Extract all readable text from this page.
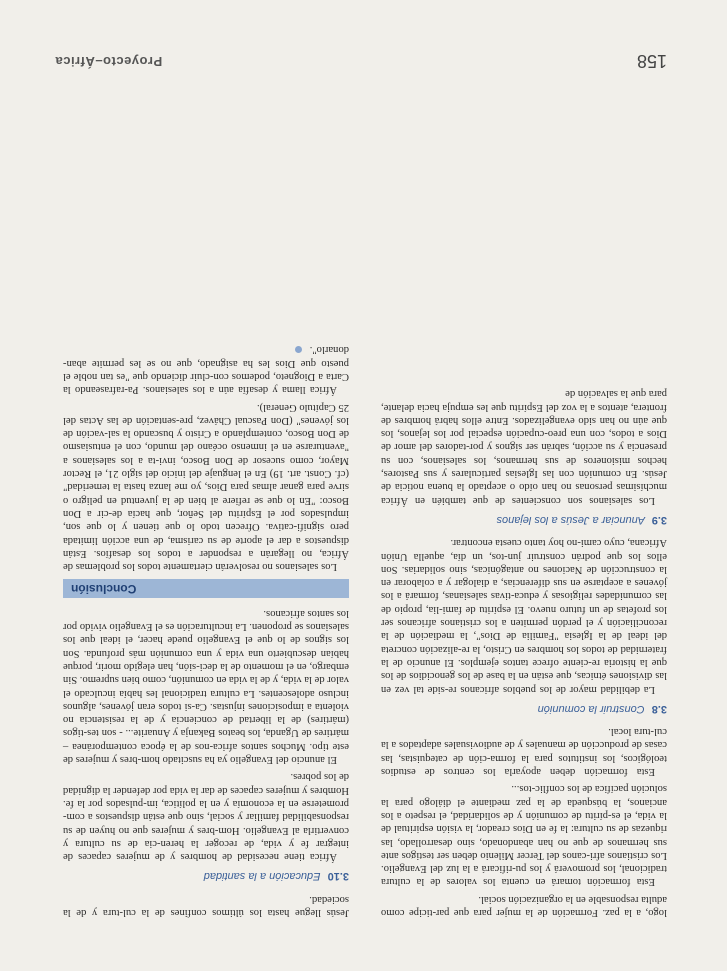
158
Proyecto–África

logo, a la paz. Formación de la mujer para que par-ticipe como adulta responsable en la organización social.

Esta formación tomará en cuenta los valores de la cultura tradicional, los promoverá y los pu-rificará a la luz del Evangelio. Los cristianos afri-canos del Tercer Milenio deben ser testigos ante sus hermanos de que no han abandonado, sino desarrollado, las riquezas de su cultura: la fe en Dios creador, la visión espiritual de la vida, el es-píritu de comunión y de solidaridad, el respeto a los ancianos, la búsqueda de la paz mediante el diálogo para la solución pacífica de los conflic-tos...

Esta formación deben apoyarla los centros de estudios teológicos, los institutos para la forma-ción de catequistas, las casas de producción de manuales y de audiovisuales adaptados a la cul-tura local.

3.8 Construir la comunión

La debilidad mayor de los pueblos africanos re-side tal vez en las divisiones étnicas, que están en la base de los genocidios de los que la historia re-ciente ofrece tantos ejemplos. El anuncio de la fraternidad de todos los hombres en Cristo, la re-alización concreta del ideal de la Iglesia "Familia de Dios", la mediación de la reconciliación y el perdón permiten a los cristianos africanos ser los profetas de un futuro nuevo. El espíritu de fami-lia, propio de las comunidades religiosas y educa-tivas salesianas, formará a los jóvenes a aceptarse en sus diferencias, a dialogar y a colaborar en la construcción de Naciones no antagónicas, sino solidarias. Son ellos los que podrán construir jun-tos, un día, aquella Unión Africana, cuyo cami-no hoy tanto cuesta encontrar.

3.9 Anunciar a Jesús a los lejanos

Los salesianos son conscientes de que también en África muchísimas personas no han oído o aceptado la buena noticia de Jesús. En comunión con las Iglesias particulares y sus Pastores, hechos misioneros de sus hermanos, los salesianos, con su presencia y su acción, sabrán ser signos y por-tadores del amor de Dios a todos, con una preo-cupación especial por los lejanos, los que aún no han sido evangelizados. Entre ellos habrá hombres de frontera, atentos a la voz del Espíritu que les empuja hacia delante, para que la salvación de

Jesús llegue hasta los últimos confines de la cul-tura y de la sociedad.

3.10 Educación a la santidad

África tiene necesidad de hombres y de mujeres capaces de integrar fe y vida, de recoger la heren-cia de su cultura y convertirla al Evangelio. Hom-bres y mujeres que no huyen de su responsabilidad familiar y social, sino que están dispuestos a com-prometerse en la economía y en la política, im-pulsados por la fe. Hombres y mujeres capaces de dar la vida por defender la dignidad de los pobres.

El anuncio del Evangelio ya ha suscitado hom-bres y mujeres de este tipo. Muchos santos africa-nos de la época contemporánea – mártires de Uganda, los beatos Bakanja y Anuarite... - son tes-tigos (mártires) de la libertad de conciencia y de la resistencia no violenta a imposiciones injustas. Ca-si todos eran jóvenes, algunos incluso adolescentes. La cultura tradicional les había inculcado el valor de la vida, y de la vida en comunión, como bien supremo. Sin embargo, en el momento de la deci-sión, han elegido morir, porque habían descubierto una vida y una comunión más profunda. Son los signos de lo que el Evangelio puede hacer, el ideal que los salesianos se proponen. La inculturación es el Evangelio vivido por los santos africanos.

Conclusión

Los salesianos no resolverán ciertamente todos los problemas de África, no llegarán a responder a todos los desafíos. Están dispuestos a dar el aporte de su carisma, de una acción limitada pero signifi-cativa. Ofrecen todo lo que tienen y lo que son, impulsados por el Espíritu del Señor, que hacía de-cir a Don Bosco: "En lo que se refiere al bien de la juventud en peligro o sirve para ganar almas para Dios, yo me lanza hasta la temeridad" (cf. Const. art. 19) En el lenguaje del inicio del siglo 21, el Rector Mayor, como sucesor de Don Bosco, invi-ta a los salesianos a "aventurarse en el inmenso océano del mundo, con el entusiasmo de Don Bosco, contemplando a Cristo y buscando la sal-vación de los jóvenes" (Don Pascual Chávez, pre-sentación de las Actas del 25 Capítulo General).

África llama y desafía aún a los salesianos. Pa-rafraseando la Carta a Diogneto, podemos con-cluir diciendo que "es tan noble el puesto que Dios les ha asignado, que no se les permite aban-donarlo".
